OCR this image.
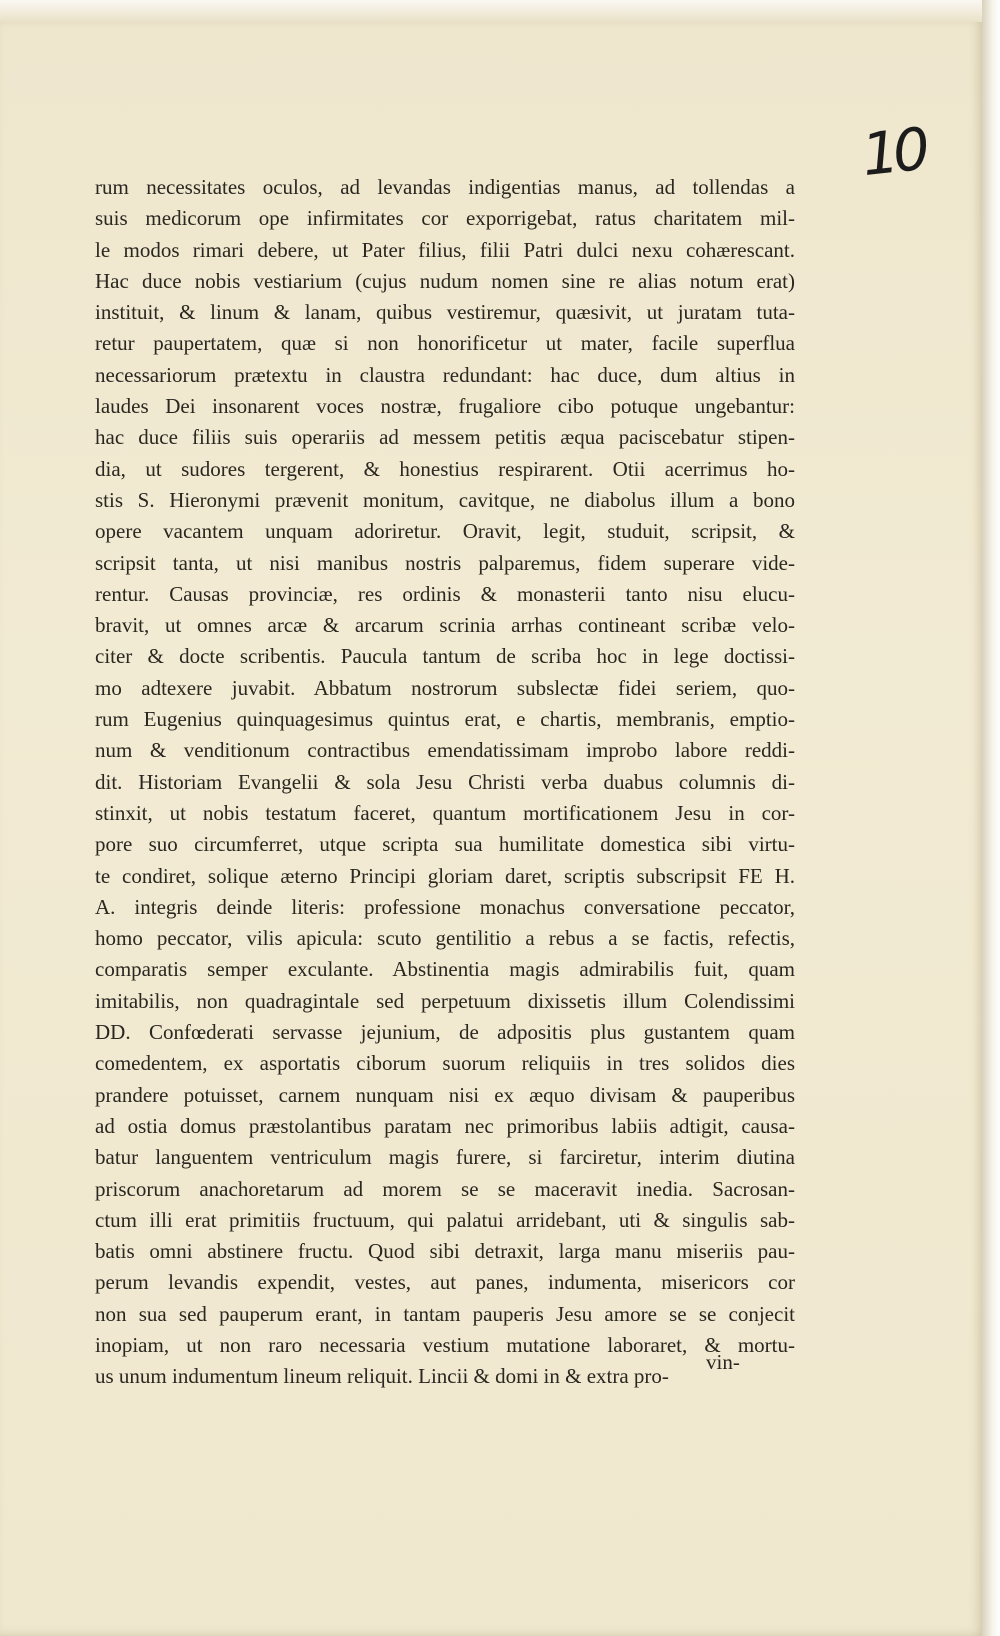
10
rum necessitates oculos, ad levandas indigentias manus, ad tollendas a
suis medicorum ope infirmitates cor exporrigebat, ratus charitatem mil-
le modos rimari debere, ut Pater filius, filii Patri dulci nexu cohærescant.
Hac duce nobis vestiarium (cujus nudum nomen sine re alias notum erat)
instituit, & linum & lanam, quibus vestiremur, quæsivit, ut juratam tuta-
retur paupertatem, quæ si non honorificetur ut mater, facile superflua
necessariorum prætextu in claustra redundant: hac duce, dum altius in
laudes Dei insonarent voces nostræ, frugaliore cibo potuque ungebantur:
hac duce filiis suis operariis ad messem petitis æqua paciscebatur stipen-
dia, ut sudores tergerent, & honestius respirarent. Otii acerrimus ho-
stis S. Hieronymi prævenit monitum, cavitque, ne diabolus illum a bono
opere vacantem unquam adoriretur. Oravit, legit, studuit, scripsit, &
scripsit tanta, ut nisi manibus nostris palparemus, fidem superare vide-
rentur. Causas provinciæ, res ordinis & monasterii tanto nisu elucu-
bravit, ut omnes arcæ & arcarum scrinia arrhas contineant scribæ velo-
citer & docte scribentis. Paucula tantum de scriba hoc in lege doctissi-
mo adtexere juvabit. Abbatum nostrorum subslectæ fidei seriem, quo-
rum Eugenius quinquagesimus quintus erat, e chartis, membranis, emptio-
num & venditionum contractibus emendatissimam improbo labore reddi-
dit. Historiam Evangelii & sola Jesu Christi verba duabus columnis di-
stinxit, ut nobis testatum faceret, quantum mortificationem Jesu in cor-
pore suo circumferret, utque scripta sua humilitate domestica sibi virtu-
te condiret, solique æterno Principi gloriam daret, scriptis subscripsit FE H.
A. integris deinde literis: professione monachus conversatione peccator,
homo peccator, vilis apicula: scuto gentilitio a rebus a se factis, refectis,
comparatis semper exculante. Abstinentia magis admirabilis fuit, quam
imitabilis, non quadragintale sed perpetuum dixissetis illum Colendissimi
DD. Confœderati servasse jejunium, de adpositis plus gustantem quam
comedentem, ex asportatis ciborum suorum reliquiis in tres solidos dies
prandere potuisset, carnem nunquam nisi ex æquo divisam & pauperibus
ad ostia domus præstolantibus paratam nec primoribus labiis adtigit, causa-
batur languentem ventriculum magis furere, si farciretur, interim diutina
priscorum anachoretarum ad morem se se maceravit inedia. Sacrosan-
ctum illi erat primitiis fructuum, qui palatui arridebant, uti & singulis sab-
batis omni abstinere fructu. Quod sibi detraxit, larga manu miseriis pau-
perum levandis expendit, vestes, aut panes, indumenta, misericors cor
non sua sed pauperum erant, in tantam pauperis Jesu amore se se conjecit
inopiam, ut non raro necessaria vestium mutatione laboraret, & mortu-
us unum indumentum lineum reliquit. Lincii & domi in & extra pro-
vin-
